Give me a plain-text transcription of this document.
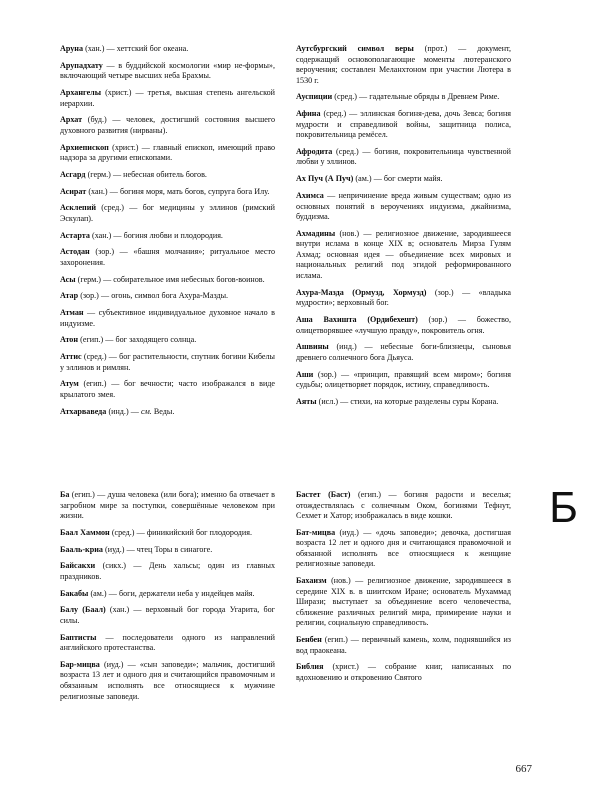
Аруна (хан.) — хеттский бог океана.

Арупадхату — в буддийской космологии «мир не-формы», включающий четыре высших неба Брахмы.

Архангелы (христ.) — третья, высшая степень ангельской иерархии.

Архат (буд.) — человек, достигший состояния высшего духовного развития (нирваны).

Архиепископ (христ.) — главный епископ, имеющий право надзора за другими епископами.

Асгард (герм.) — небесная обитель богов.

Асират (хан.) — богиня моря, мать богов, супруга бога Илу.

Асклепий (сред.) — бог медицины у эллинов (римский Эскулап).

Астарта (хан.) — богиня любви и плодородия.

Астодан (зор.) — «башня молчания»; ритуальное место захоронения.

Асы (герм.) — собирательное имя небесных богов-воинов.

Атар (зор.) — огонь, символ бога Ахура-Мазды.

Атман — субъективное индивидуальное духовное начало в индуизме.

Атон (егип.) — бог заходящего солнца.

Аттис (сред.) — бог растительности, спутник богини Кибелы у эллинов и римлян.

Атум (егип.) — бог вечности; часто изображался в виде крылатого змея.

Атхарваведа (инд.) — см. Веды.

Аутсбургский символ веры (прот.) — документ, содержащий основополагающие моменты лютеранского вероучения; составлен Меланхтоном при участии Лютера в 1530 г.

Ауспиции (сред.) — гадательные обряды в Древнем Риме.

Афина (сред.) — эллинская богиня-дева, дочь Зевса; богиня мудрости и справедливой войны, защитница полиса, покровительница ремёсел.

Афродита (сред.) — богиня, покровительница чувственной любви у эллинов.

Ах Пуч (А Пуч) (ам.) — бог смерти майя.

Ахимса — непричинение вреда живым существам; одно из основных понятий в вероучениях индуизма, джайнизма, буддизма.

Ахмадины (нов.) — религиозное движение, зародившееся внутри ислама в конце XIX в; основатель Мирза Гулям Ахмад; основная идея — объединение всех мировых и национальных религий под эгидой реформированного ислама.

Ахура-Мазда (Ормузд, Хормузд) (зор.) — «владыка мудрости»; верховный бог.

Аша Вахишта (Ордибехешт) (зор.) — божество, олицетворявшее «лучшую правду», покровитель огня.

Ашвины (инд.) — небесные боги-близнецы, сыновья древнего солнечного бога Дьяуса.

Аши (зор.) — «принцип, правящий всем миром»; богиня судьбы; олицетворяет порядок, истину, справедливость.

Аяты (исл.) — стихи, на которые разделены суры Корана.

Ба (егип.) — душа человека (или бога); именно ба отвечает в загробном мире за поступки, совершённые человеком при жизни.

Баал Хаммон (сред.) — финикийский бог плодородия.

Бааль-криа (иуд.) — чтец Торы в синагоге.

Байсакхи (сикх.) — День хальсы; один из главных праздников.

Бакабы (ам.) — боги, держатели неба у индейцев майя.

Балу (Баал) (хан.) — верховный бог города Угарита, бог силы.

Баптисты — последователи одного из направлений английского протестанства.

Бар-мицва (иуд.) — «сын заповеди»; мальчик, достигший возраста 13 лет и одного дня и считающийся правомочным и обязанным исполнять все относящиеся к мужчине религиозные заповеди.

Бастет (Баст) (егип.) — богиня радости и веселья; отождествлялась с солнечным Оком, богинями Тефнут, Сехмет и Хатор; изображалась в виде кошки.

Бат-мицва (иуд.) — «дочь заповеди»; девочка, достигшая возраста 12 лет и одного дня и считающаяся правомочной и обязанной исполнять все относящиеся к женщине религиозные заповеди.

Бахаизм (нов.) — религиозное движение, зародившееся в середине XIX в. в шиитском Иране; основатель Мухаммад Ширази; выступает за объединение всего человечества, сближение различных религий мира, примирение науки и религии, социальную справедливость.

Бенбен (егип.) — первичный камень, холм, поднявшийся из вод праокеана.

Библия (христ.) — собрание книг, написанных по вдохновению и откровению Святого

Б
667
